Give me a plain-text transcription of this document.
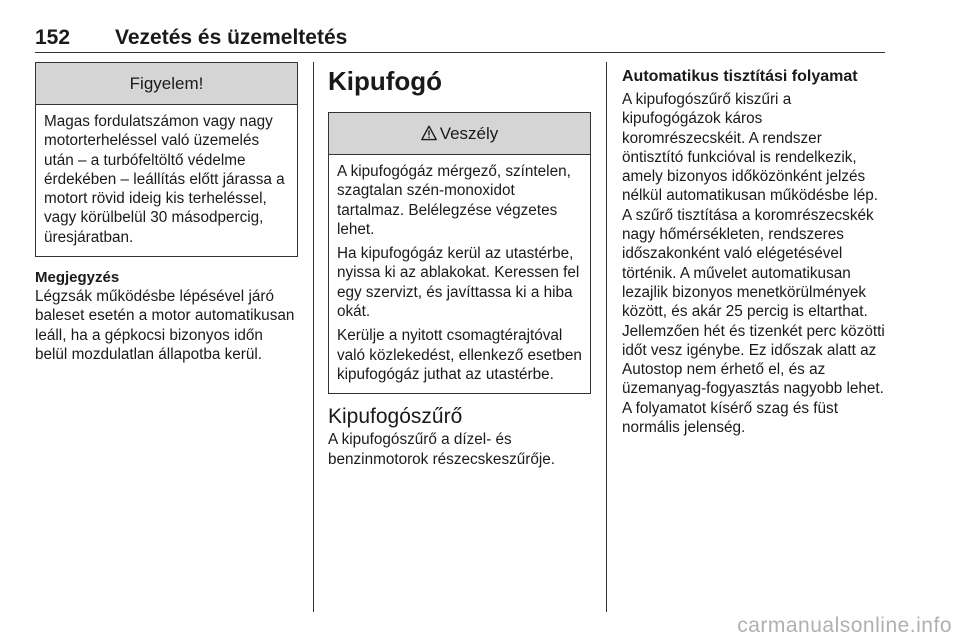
152 Vezetés és üzemeltetés
Figyelem!

Magas fordulatszámon vagy nagy motorterheléssel való üzemelés után – a turbófeltöltő védelme érdekében – leállítás előtt járassa a motort rövid ideig kis terheléssel, vagy körülbelül 30 másodpercig, üresjáratban.

Megjegyzés

Légzsák működésbe lépésével járó baleset esetén a motor automatikusan leáll, ha a gépkocsi bizonyos időn belül mozdulatlan állapotba kerül.

Kipufogó
Veszély

A kipufogógáz mérgező, színtelen, szagtalan szén-monoxidot tartalmaz. Belélegzése végzetes lehet.

Ha kipufogógáz kerül az utastérbe, nyissa ki az ablakokat. Keressen fel egy szervizt, és javíttassa ki a hiba okát.

Kerülje a nyitott csomagtérajtóval való közlekedést, ellenkező esetben kipufogógáz juthat az utastérbe.

Kipufogószűrő

A kipufogószűrő a dízel- és benzinmotorok részecskeszűrője.

Automatikus tisztítási folyamat

A kipufogószűrő kiszűri a kipufogógázok káros koromrészecskéit. A rendszer öntisztító funkcióval is rendelkezik, amely bizonyos időközönként jelzés nélkül automatikusan működésbe lép. A szűrő tisztítása a koromrészecskék nagy hőmérsékleten, rendszeres időszakonként való elégetésével történik. A művelet automatikusan lezajlik bizonyos menetkörülmények között, és akár 25 percig is eltarthat. Jellemzően hét és tizenkét perc közötti időt vesz igénybe. Ez időszak alatt az Autostop nem érhető el, és az üzemanyag-fogyasztás nagyobb lehet. A folyamatot kísérő szag és füst normális jelenség.

carmanualsonline.info
